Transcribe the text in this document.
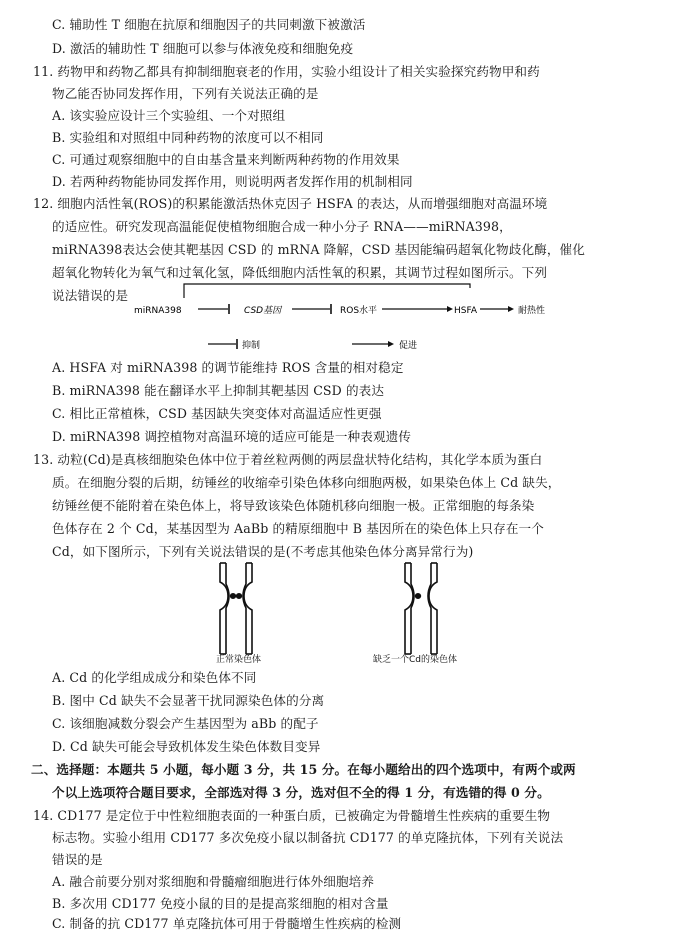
C. 辅助性 T 细胞在抗原和细胞因子的共同刺激下被激活
D. 激活的辅助性 T 细胞可以参与体液免疫和细胞免疫
11. 药物甲和药物乙都具有抑制细胞衰老的作用，实验小组设计了相关实验探究药物甲和药
物乙能否协同发挥作用，下列有关说法正确的是
A. 该实验应设计三个实验组、一个对照组
B. 实验组和对照组中同种药物的浓度可以不相同
C. 可通过观察细胞中的自由基含量来判断两种药物的作用效果
D. 若两种药物能协同发挥作用，则说明两者发挥作用的机制相同
12. 细胞内活性氧(ROS)的积累能激活热休克因子 HSFA 的表达，从而增强细胞对高温环境
的适应性。研究发现高温能促使植物细胞合成一种小分子 RNA——miRNA398，
miRNA398表达会使其靶基因 CSD 的 mRNA 降解，CSD 基因能编码超氧化物歧化酶，催化
超氧化物转化为氧气和过氧化氢，降低细胞内活性氧的积累，其调节过程如图所示。下列
说法错误的是
miRNA398	CSD基因	ROS水平	HSFA	耐热性
抑制	促进
A. HSFA 对 miRNA398 的调节能维持 ROS 含量的相对稳定
B. miRNA398 能在翻译水平上抑制其靶基因 CSD 的表达
C. 相比正常植株，CSD 基因缺失突变体对高温适应性更强
D. miRNA398 调控植物对高温环境的适应可能是一种表观遗传
13. 动粒(Cd)是真核细胞染色体中位于着丝粒两侧的两层盘状特化结构，其化学本质为蛋白
质。在细胞分裂的后期，纺锤丝的收缩牵引染色体移向细胞两极，如果染色体上 Cd 缺失，
纺锤丝便不能附着在染色体上，将导致该染色体随机移向细胞一极。正常细胞的每条染
色体存在 2 个 Cd，某基因型为 AaBb 的精原细胞中 B 基因所在的染色体上只存在一个
Cd，如下图所示，下列有关说法错误的是(不考虑其他染色体分离异常行为)
正常染色体	缺乏一个Cd的染色体
A. Cd 的化学组成成分和染色体不同
B. 图中 Cd 缺失不会显著干扰同源染色体的分离
C. 该细胞减数分裂会产生基因型为 aBb 的配子
D. Cd 缺失可能会导致机体发生染色体数目变异
二、选择题：本题共 5 小题，每小题 3 分，共 15 分。在每小题给出的四个选项中，有两个或两
个以上选项符合题目要求，全部选对得 3 分，选对但不全的得 1 分，有选错的得 0 分。
14. CD177 是定位于中性粒细胞表面的一种蛋白质，已被确定为骨髓增生性疾病的重要生物
标志物。实验小组用 CD177 多次免疫小鼠以制备抗 CD177 的单克隆抗体，下列有关说法
错误的是
A. 融合前要分别对浆细胞和骨髓瘤细胞进行体外细胞培养
B. 多次用 CD177 免疫小鼠的目的是提高浆细胞的相对含量
C. 制备的抗 CD177 单克隆抗体可用于骨髓增生性疾病的检测
